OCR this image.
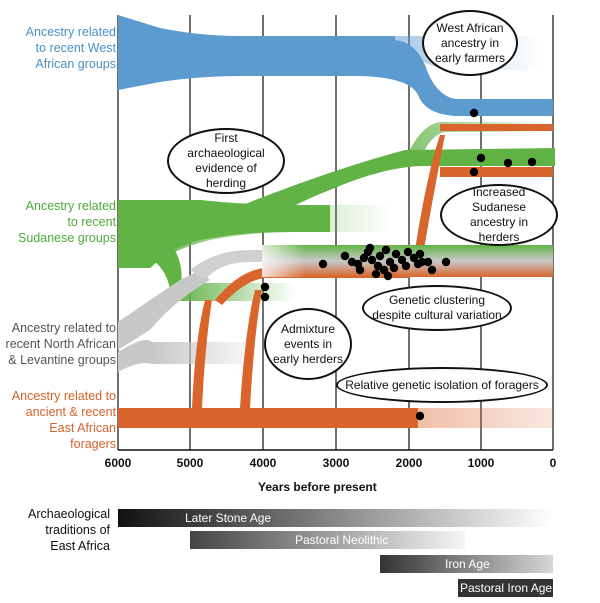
Ancestry related
to recent West
African groups
Ancestry related
to recent
Sudanese groups
Ancestry related to
recent North African
& Levantine groups
Ancestry related to
ancient & recent
East African foragers
West African ancestry in early farmers
First archaeological evidence of herding
Increased Sudanese ancestry in herders
Genetic clustering despite cultural variation
Admixture events in early herders
Relative genetic isolation of foragers
6000	5000	4000	3000	2000	1000	0
Years before present
Archaeological
traditions of
East Africa
Later Stone Age
Pastoral Neolithic
Iron Age
Pastoral Iron Age
